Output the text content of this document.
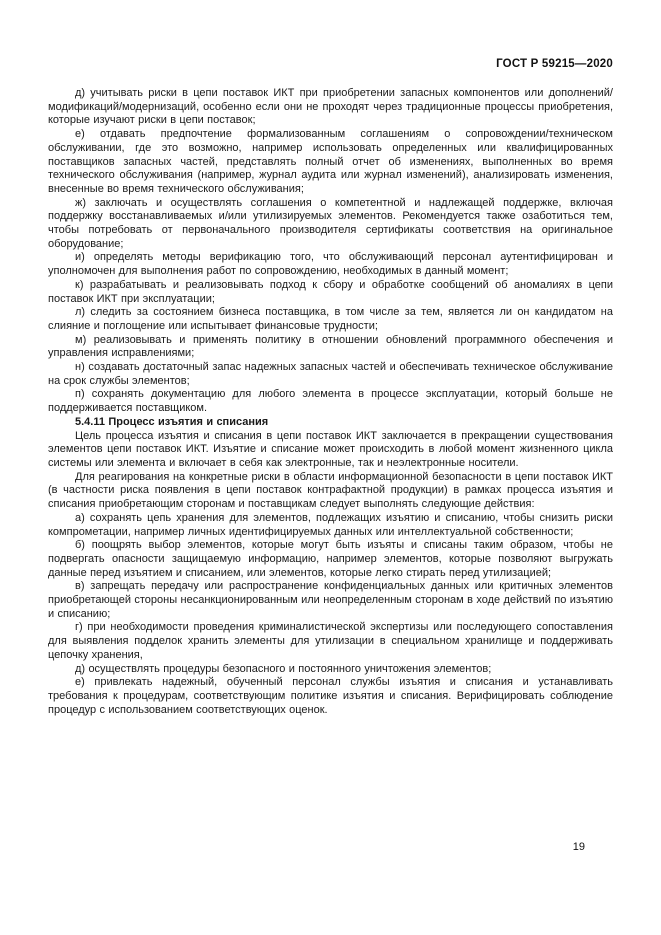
ГОСТ Р 59215—2020

д) учитывать риски в цепи поставок ИКТ при приобретении запасных компонентов или дополнений/модификаций/модернизаций, особенно если они не проходят через традиционные процессы приобретения, которые изучают риски в цепи поставок;

е) отдавать предпочтение формализованным соглашениям о сопровождении/техническом обслуживании, где это возможно, например использовать определенных или квалифицированных поставщиков запасных частей, представлять полный отчет об изменениях, выполненных во время технического обслуживания (например, журнал аудита или журнал изменений), анализировать изменения, внесенные во время технического обслуживания;

ж) заключать и осуществлять соглашения о компетентной и надлежащей поддержке, включая поддержку восстанавливаемых и/или утилизируемых элементов. Рекомендуется также озаботиться тем, чтобы потребовать от первоначального производителя сертификаты соответствия на оригинальное оборудование;

и) определять методы верификацию того, что обслуживающий персонал аутентифицирован и уполномочен для выполнения работ по сопровождению, необходимых в данный момент;

к) разрабатывать и реализовывать подход к сбору и обработке сообщений об аномалиях в цепи поставок ИКТ при эксплуатации;

л) следить за состоянием бизнеса поставщика, в том числе за тем, является ли он кандидатом на слияние и поглощение или испытывает финансовые трудности;

м) реализовывать и применять политику в отношении обновлений программного обеспечения и управления исправлениями;

н) создавать достаточный запас надежных запасных частей и обеспечивать техническое обслуживание на срок службы элементов;

п) сохранять документацию для любого элемента в процессе эксплуатации, который больше не поддерживается поставщиком.

5.4.11 Процесс изъятия и списания

Цель процесса изъятия и списания в цепи поставок ИКТ заключается в прекращении существования элементов цепи поставок ИКТ. Изъятие и списание может происходить в любой момент жизненного цикла системы или элемента и включает в себя как электронные, так и неэлектронные носители.

Для реагирования на конкретные риски в области информационной безопасности в цепи поставок ИКТ (в частности риска появления в цепи поставок контрафактной продукции) в рамках процесса изъятия и списания приобретающим сторонам и поставщикам следует выполнять следующие действия:

а) сохранять цепь хранения для элементов, подлежащих изъятию и списанию, чтобы снизить риски компрометации, например личных идентифицируемых данных или интеллектуальной собственности;

б) поощрять выбор элементов, которые могут быть изъяты и списаны таким образом, чтобы не подвергать опасности защищаемую информацию, например элементов, которые позволяют выгружать данные перед изъятием и списанием, или элементов, которые легко стирать перед утилизацией;

в) запрещать передачу или распространение конфиденциальных данных или критичных элементов приобретающей стороны несанкционированным или неопределенным сторонам в ходе действий по изъятию и списанию;

г) при необходимости проведения криминалистической экспертизы или последующего сопоставления для выявления подделок хранить элементы для утилизации в специальном хранилище и поддерживать цепочку хранения,

д) осуществлять процедуры безопасного и постоянного уничтожения элементов;

е) привлекать надежный, обученный персонал службы изъятия и списания и устанавливать требования к процедурам, соответствующим политике изъятия и списания. Верифицировать соблюдение процедур с использованием соответствующих оценок.

19
